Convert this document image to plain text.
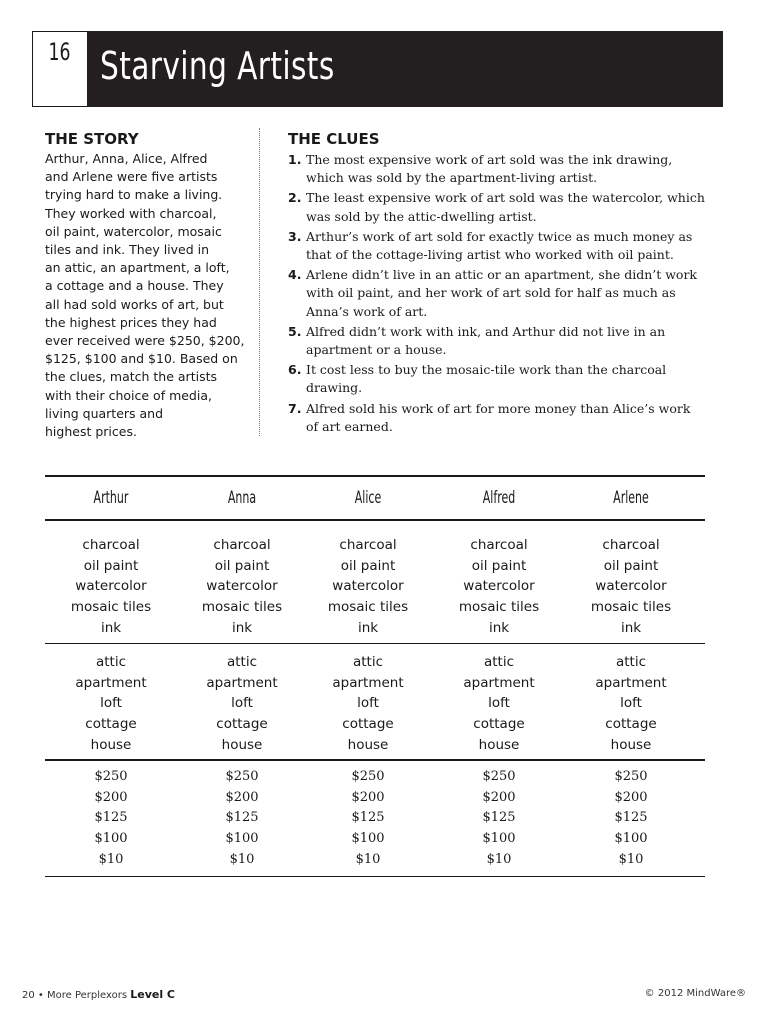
16 Starving Artists
THE STORY
Arthur, Anna, Alice, Alfred
and Arlene were five artists
trying hard to make a living.
They worked with charcoal,
oil paint, watercolor, mosaic
tiles and ink. They lived in
an attic, an apartment, a loft,
a cottage and a house. They
all had sold works of art, but
the highest prices they had
ever received were $250, $200,
$125, $100 and $10. Based on
the clues, match the artists
with their choice of media,
living quarters and
highest prices.
THE CLUES
1. The most expensive work of art sold was the ink drawing,
which was sold by the apartment-living artist.
2. The least expensive work of art sold was the watercolor, which
was sold by the attic-dwelling artist.
3. Arthur’s work of art sold for exactly twice as much money as
that of the cottage-living artist who worked with oil paint.
4. Arlene didn’t live in an attic or an apartment, she didn’t work
with oil paint, and her work of art sold for half as much as
Anna’s work of art.
5. Alfred didn’t work with ink, and Arthur did not live in an
apartment or a house.
6. It cost less to buy the mosaic-tile work than the charcoal
drawing.
7. Alfred sold his work of art for more money than Alice’s work
of art earned.
Arthur
charcoal
oil paint
watercolor
mosaic tiles
ink
attic
apartment
loft
cottage
house
$250
$200
$125
$100
$10
Anna
charcoal
oil paint
watercolor
mosaic tiles
ink
attic
apartment
loft
cottage
house
$250
$200
$125
$100
$10
Alice
charcoal
oil paint
watercolor
mosaic tiles
ink
attic
apartment
loft
cottage
house
$250
$200
$125
$100
$10
Alfred
charcoal
oil paint
watercolor
mosaic tiles
ink
attic
apartment
loft
cottage
house
$250
$200
$125
$100
$10
Arlene
charcoal
oil paint
watercolor
mosaic tiles
ink
attic
apartment
loft
cottage
house
$250
$200
$125
$100
$10
20 • More Perplexors Level C	© 2012 MindWare®
